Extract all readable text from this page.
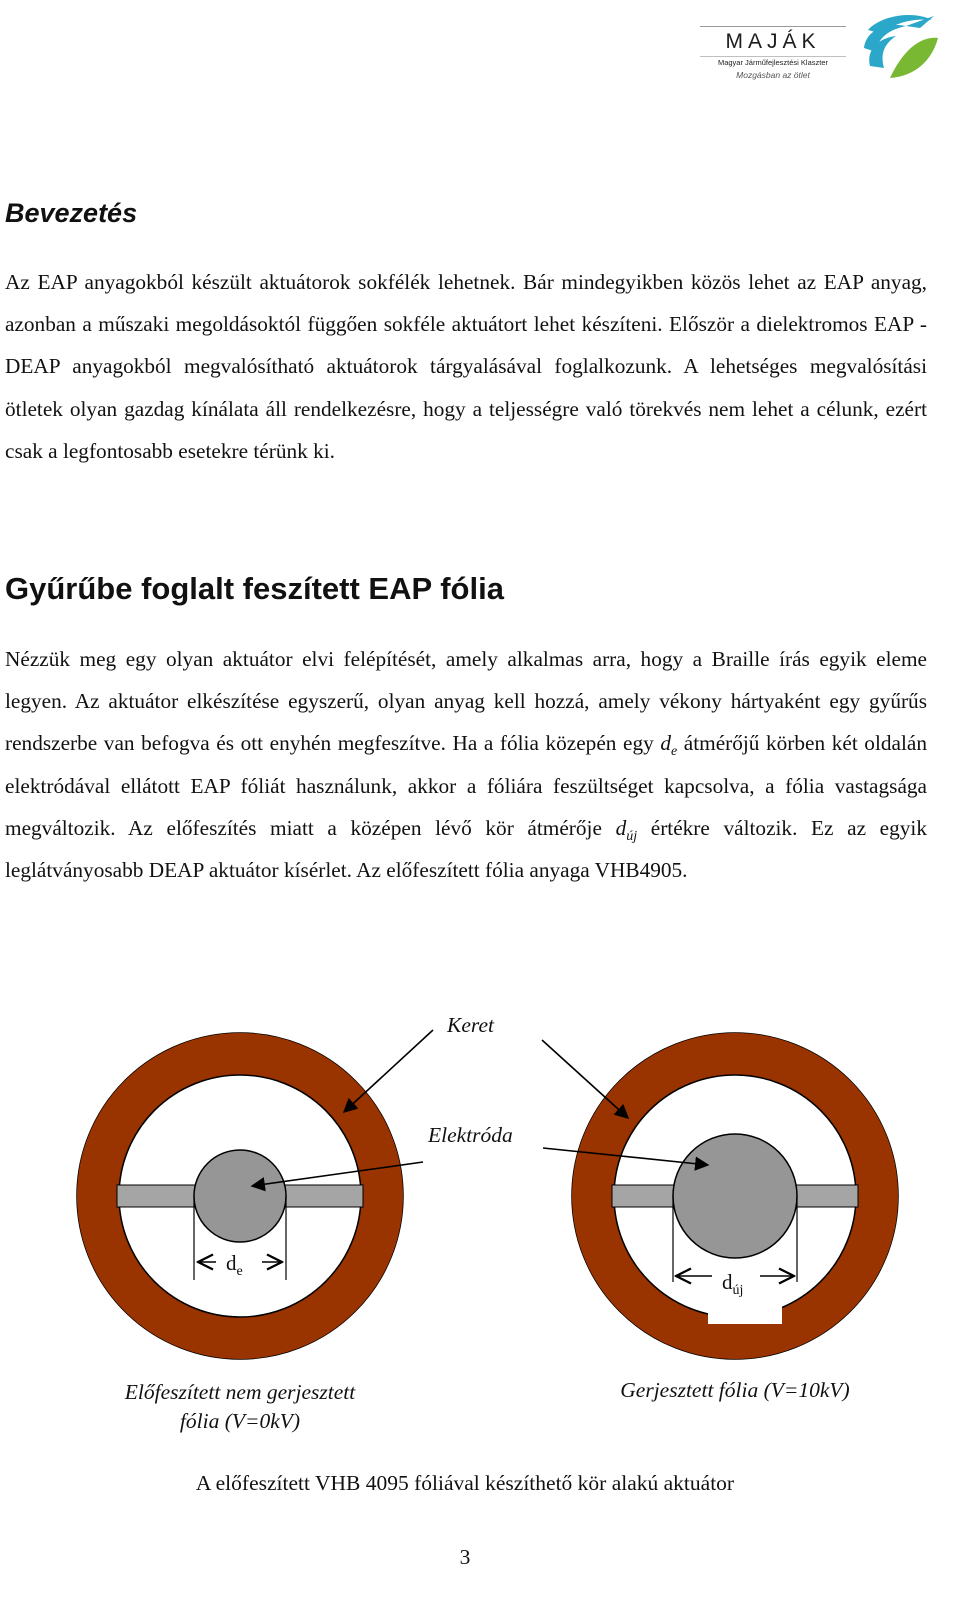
MAJÁK
Magyar Járműfejlesztési Klaszter
Mozgásban az ötlet
Bevezetés

Az EAP anyagokból készült aktuátorok sokfélék lehetnek. Bár mindegyikben közös lehet az EAP anyag, azonban a műszaki megoldásoktól függően sokféle aktuátort lehet készíteni. Először a dielektromos EAP - DEAP anyagokból megvalósítható aktuátorok tárgyalásával foglalkozunk. A lehetséges megvalósítási ötletek olyan gazdag kínálata áll rendelkezésre, hogy a teljességre való törekvés nem lehet a célunk, ezért csak a legfontosabb esetekre térünk ki.

Gyűrűbe foglalt feszített EAP fólia

Nézzük meg egy olyan aktuátor elvi felépítését, amely alkalmas arra, hogy a Braille írás egyik eleme legyen. Az aktuátor elkészítése egyszerű, olyan anyag kell hozzá, amely vékony hártyaként egy gyűrűs rendszerbe van befogva és ott enyhén megfeszítve. Ha a fólia közepén egy $d_e$ átmérőjű körben két oldalán elektródával ellátott EAP fóliát használunk, akkor a fóliára feszültséget kapcsolva, a fólia vastagsága megváltozik. Az előfeszítés miatt a középen lévő kör átmérője $d_{új}$ értékre változik. Ez az egyik leglátványosabb DEAP aktuátor kísérlet. Az előfeszített fólia anyaga VHB4905.

Keret
Elektróda
$d_e$	$d_{új}$
Előfeszített nem gerjesztett
fólia (V=0kV)
Gerjesztett fólia (V=10kV)
A előfeszített VHB 4095 fóliával készíthető kör alakú aktuátor
3
